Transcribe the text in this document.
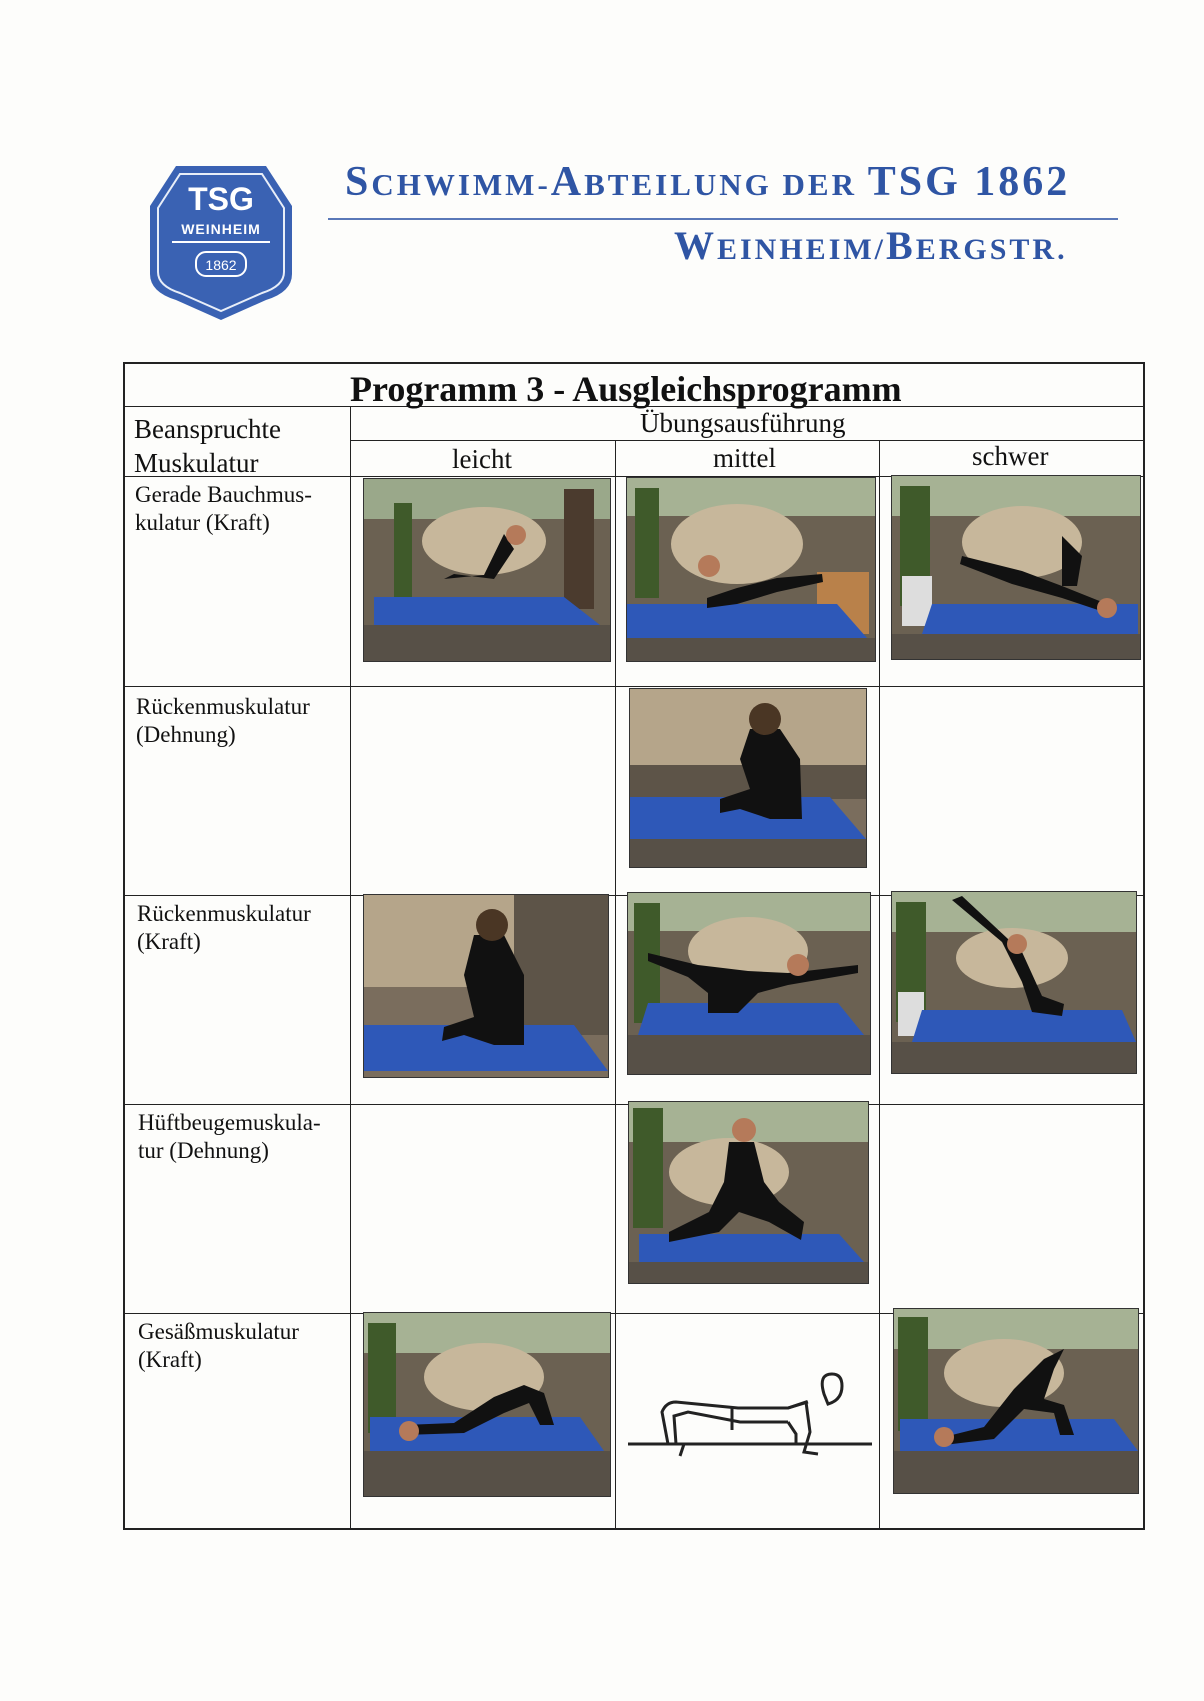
TSG
WEINHEIM
1862
SCHWIMM-ABTEILUNG DER TSG 1862
WEINHEIM/BERGSTR.
Programm 3 - Ausgleichsprogramm
Beanspruchte
Muskulatur
Übungsausführung
leicht	mittel	schwer
Gerade Bauchmus-
kulatur (Kraft)
Rückenmuskulatur
(Dehnung)
Rückenmuskulatur
(Kraft)
Hüftbeugemuskula-
tur (Dehnung)
Gesäßmuskulatur
(Kraft)
